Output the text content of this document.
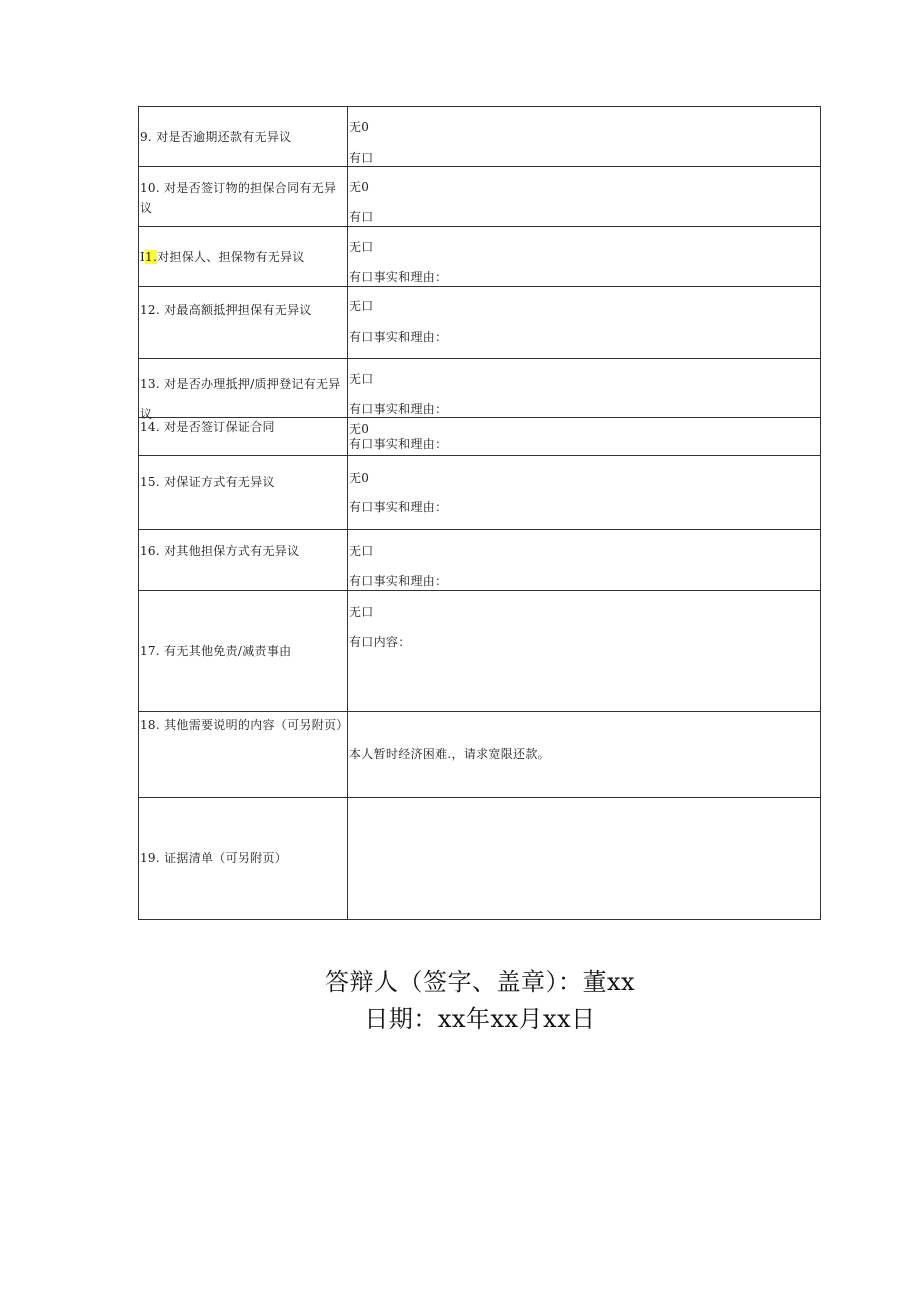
9. 对是否逾期还款有无异议	无0
有口

10. 对是否签订物的担保合同有无异议	无0
有口

I1.对担保人、担保物有无异议	无口
有口事实和理由：

12. 对最高额抵押担保有无异议	无口
有口事实和理由：

13. 对是否办理抵押/质押登记有无异议	无口
有口事实和理由：

14. 对是否签订保证合同	无0
有口事实和理由：

15. 对保证方式有无异议	无0
有口事实和理由：

16. 对其他担保方式有无异议	无口
有口事实和理由：

17. 有无其他免责/减责事由	无口
有口内容：

18. 其他需要说明的内容（可另附页）	本人暂时经济困难.，请求宽限还款。

19. 证据清单（可另附页）	

答辩人（签字、盖章）：董xx
日期：xx年xx月xx日
